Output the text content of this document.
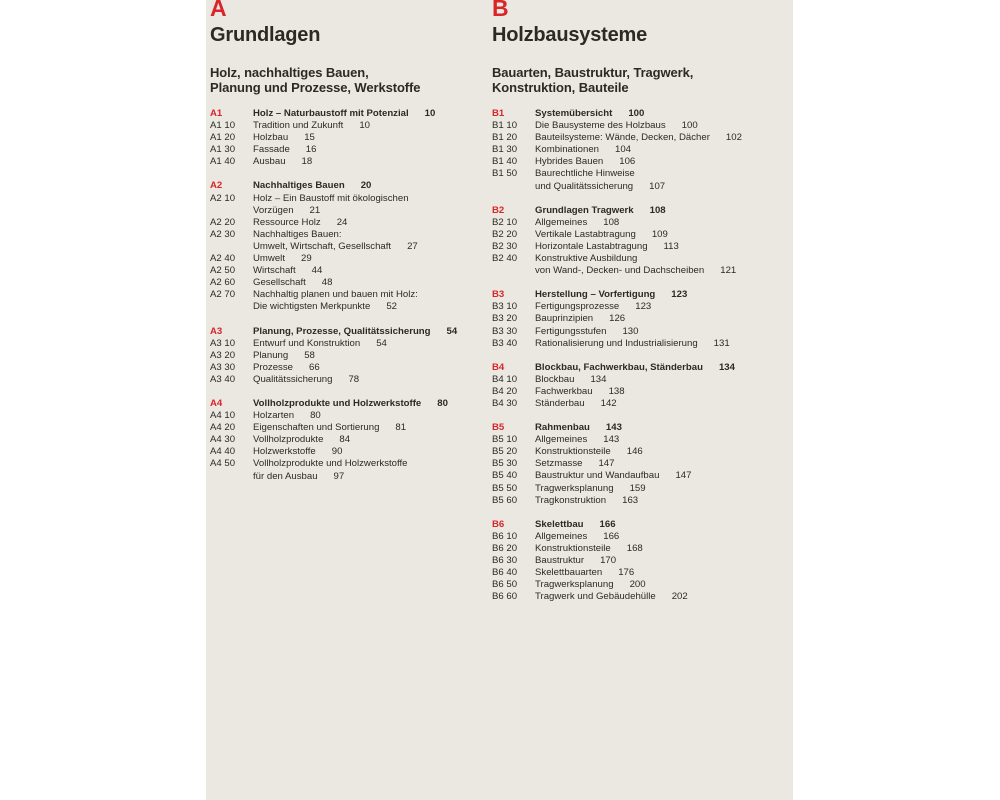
A
Grundlagen
Holz, nachhaltiges Bauen,
Planung und Prozesse, Werkstoffe
A1	Holz – Naturbaustoff mit Potenzial 10
A1 10	Tradition und Zukunft 10
A1 20	Holzbau 15
A1 30	Fassade 16
A1 40	Ausbau 18
A2	Nachhaltiges Bauen 20
A2 10	Holz – Ein Baustoff mit ökologischen
Vorzügen 21
A2 20	Ressource Holz 24
A2 30	Nachhaltiges Bauen:
Umwelt, Wirtschaft, Gesellschaft 27
A2 40	Umwelt 29
A2 50	Wirtschaft 44
A2 60	Gesellschaft 48
A2 70	Nachhaltig planen und bauen mit Holz:
Die wichtigsten Merkpunkte 52
A3	Planung, Prozesse, Qualitätssicherung 54
A3 10	Entwurf und Konstruktion 54
A3 20	Planung 58
A3 30	Prozesse 66
A3 40	Qualitätssicherung 78
A4	Vollholzprodukte und Holzwerkstoffe 80
A4 10	Holzarten 80
A4 20	Eigenschaften und Sortierung 81
A4 30	Vollholzprodukte 84
A4 40	Holzwerkstoffe 90
A4 50	Vollholzprodukte und Holzwerkstoffe
für den Ausbau 97
B
Holzbausysteme
Bauarten, Baustruktur, Tragwerk,
Konstruktion, Bauteile
B1	Systemübersicht 100
B1 10	Die Bausysteme des Holzbaus 100
B1 20	Bauteilsysteme: Wände, Decken, Dächer 102
B1 30	Kombinationen 104
B1 40	Hybrides Bauen 106
B1 50	Baurechtliche Hinweise
und Qualitätssicherung 107
B2	Grundlagen Tragwerk 108
B2 10	Allgemeines 108
B2 20	Vertikale Lastabtragung 109
B2 30	Horizontale Lastabtragung 113
B2 40	Konstruktive Ausbildung
von Wand-, Decken- und Dachscheiben 121
B3	Herstellung – Vorfertigung 123
B3 10	Fertigungsprozesse 123
B3 20	Bauprinzipien 126
B3 30	Fertigungsstufen 130
B3 40	Rationalisierung und Industrialisierung 131
B4	Blockbau, Fachwerkbau, Ständerbau 134
B4 10	Blockbau 134
B4 20	Fachwerkbau 138
B4 30	Ständerbau 142
B5	Rahmenbau 143
B5 10	Allgemeines 143
B5 20	Konstruktionsteile 146
B5 30	Setzmasse 147
B5 40	Baustruktur und Wandaufbau 147
B5 50	Tragwerksplanung 159
B5 60	Tragkonstruktion 163
B6	Skelettbau 166
B6 10	Allgemeines 166
B6 20	Konstruktionsteile 168
B6 30	Baustruktur 170
B6 40	Skelettbauarten 176
B6 50	Tragwerksplanung 200
B6 60	Tragwerk und Gebäudehülle 202
